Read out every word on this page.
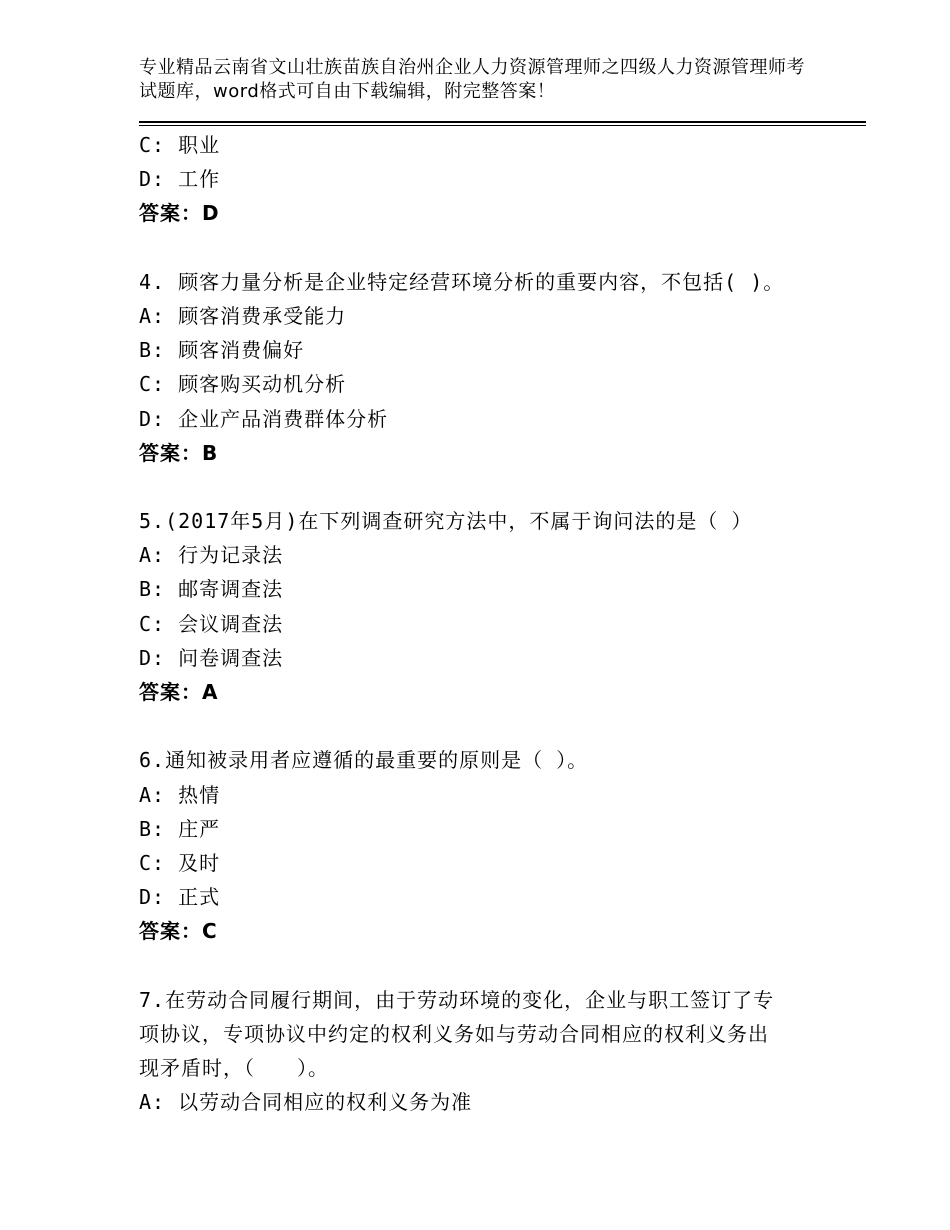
专业精品云南省文山壮族苗族自治州企业人力资源管理师之四级人力资源管理师考
试题库，word格式可自由下载编辑，附完整答案！
C: 职业
D: 工作
答案：D
4. 顾客力量分析是企业特定经营环境分析的重要内容，不包括( )。
A: 顾客消费承受能力
B: 顾客消费偏好
C: 顾客购买动机分析
D: 企业产品消费群体分析
答案：B
5.(2017年5月)在下列调查研究方法中，不属于询问法的是（ ）
A: 行为记录法
B: 邮寄调查法
C: 会议调查法
D: 问卷调查法
答案：A
6.通知被录用者应遵循的最重要的原则是（ ）。
A: 热情
B: 庄严
C: 及时
D: 正式
答案：C
7.在劳动合同履行期间，由于劳动环境的变化，企业与职工签订了专
项协议，专项协议中约定的权利义务如与劳动合同相应的权利义务出
现矛盾时，（　　）。
A: 以劳动合同相应的权利义务为准
